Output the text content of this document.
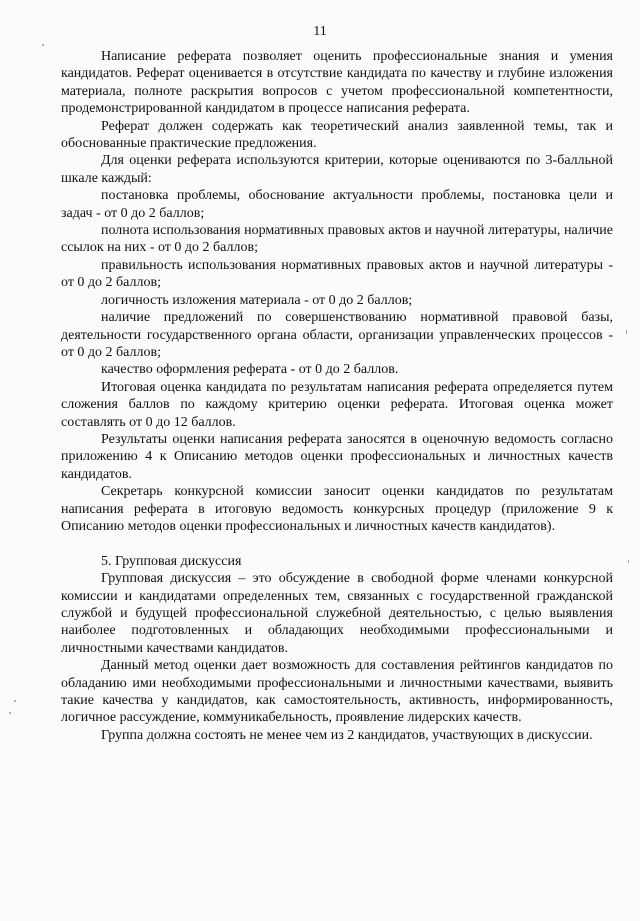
11

Написание реферата позволяет оценить профессиональные знания и умения кандидатов. Реферат оценивается в отсутствие кандидата по качеству и глубине изложения материала, полноте раскрытия вопросов с учетом профессиональной компетентности, продемонстрированной кандидатом в процессе написания реферата.

Реферат должен содержать как теоретический анализ заявленной темы, так и обоснованные практические предложения.

Для оценки реферата используются критерии, которые оцениваются по 3-балльной шкале каждый:

постановка проблемы, обоснование актуальности проблемы, постановка цели и задач - от 0 до 2 баллов;

полнота использования нормативных правовых актов и научной литературы, наличие ссылок на них - от 0 до 2 баллов;

правильность использования нормативных правовых актов и научной литературы - от 0 до 2 баллов;

логичность изложения материала - от 0 до 2 баллов;

наличие предложений по совершенствованию нормативной правовой базы, деятельности государственного органа области, организации управленческих процессов - от 0 до 2 баллов;

качество оформления реферата - от 0 до 2 баллов.

Итоговая оценка кандидата по результатам написания реферата определяется путем сложения баллов по каждому критерию оценки реферата. Итоговая оценка может составлять от 0 до 12 баллов.

Результаты оценки написания реферата заносятся в оценочную ведомость согласно приложению 4 к Описанию методов оценки профессиональных и личностных качеств кандидатов.

Секретарь конкурсной комиссии заносит оценки кандидатов по результатам написания реферата в итоговую ведомость конкурсных процедур (приложение 9 к Описанию методов оценки профессиональных и личностных качеств кандидатов).

5. Групповая дискуссия

Групповая дискуссия – это обсуждение в свободной форме членами конкурсной комиссии и кандидатами определенных тем, связанных с государственной гражданской службой и будущей профессиональной служебной деятельностью, с целью выявления наиболее подготовленных и обладающих необходимыми профессиональными и личностными качествами кандидатов.

Данный метод оценки дает возможность для составления рейтингов кандидатов по обладанию ими необходимыми профессиональными и личностными качествами, выявить такие качества у кандидатов, как самостоятельность, активность, информированность, логичное рассуждение, коммуникабельность, проявление лидерских качеств.

Группа должна состоять не менее чем из 2 кандидатов, участвующих в дискуссии.
